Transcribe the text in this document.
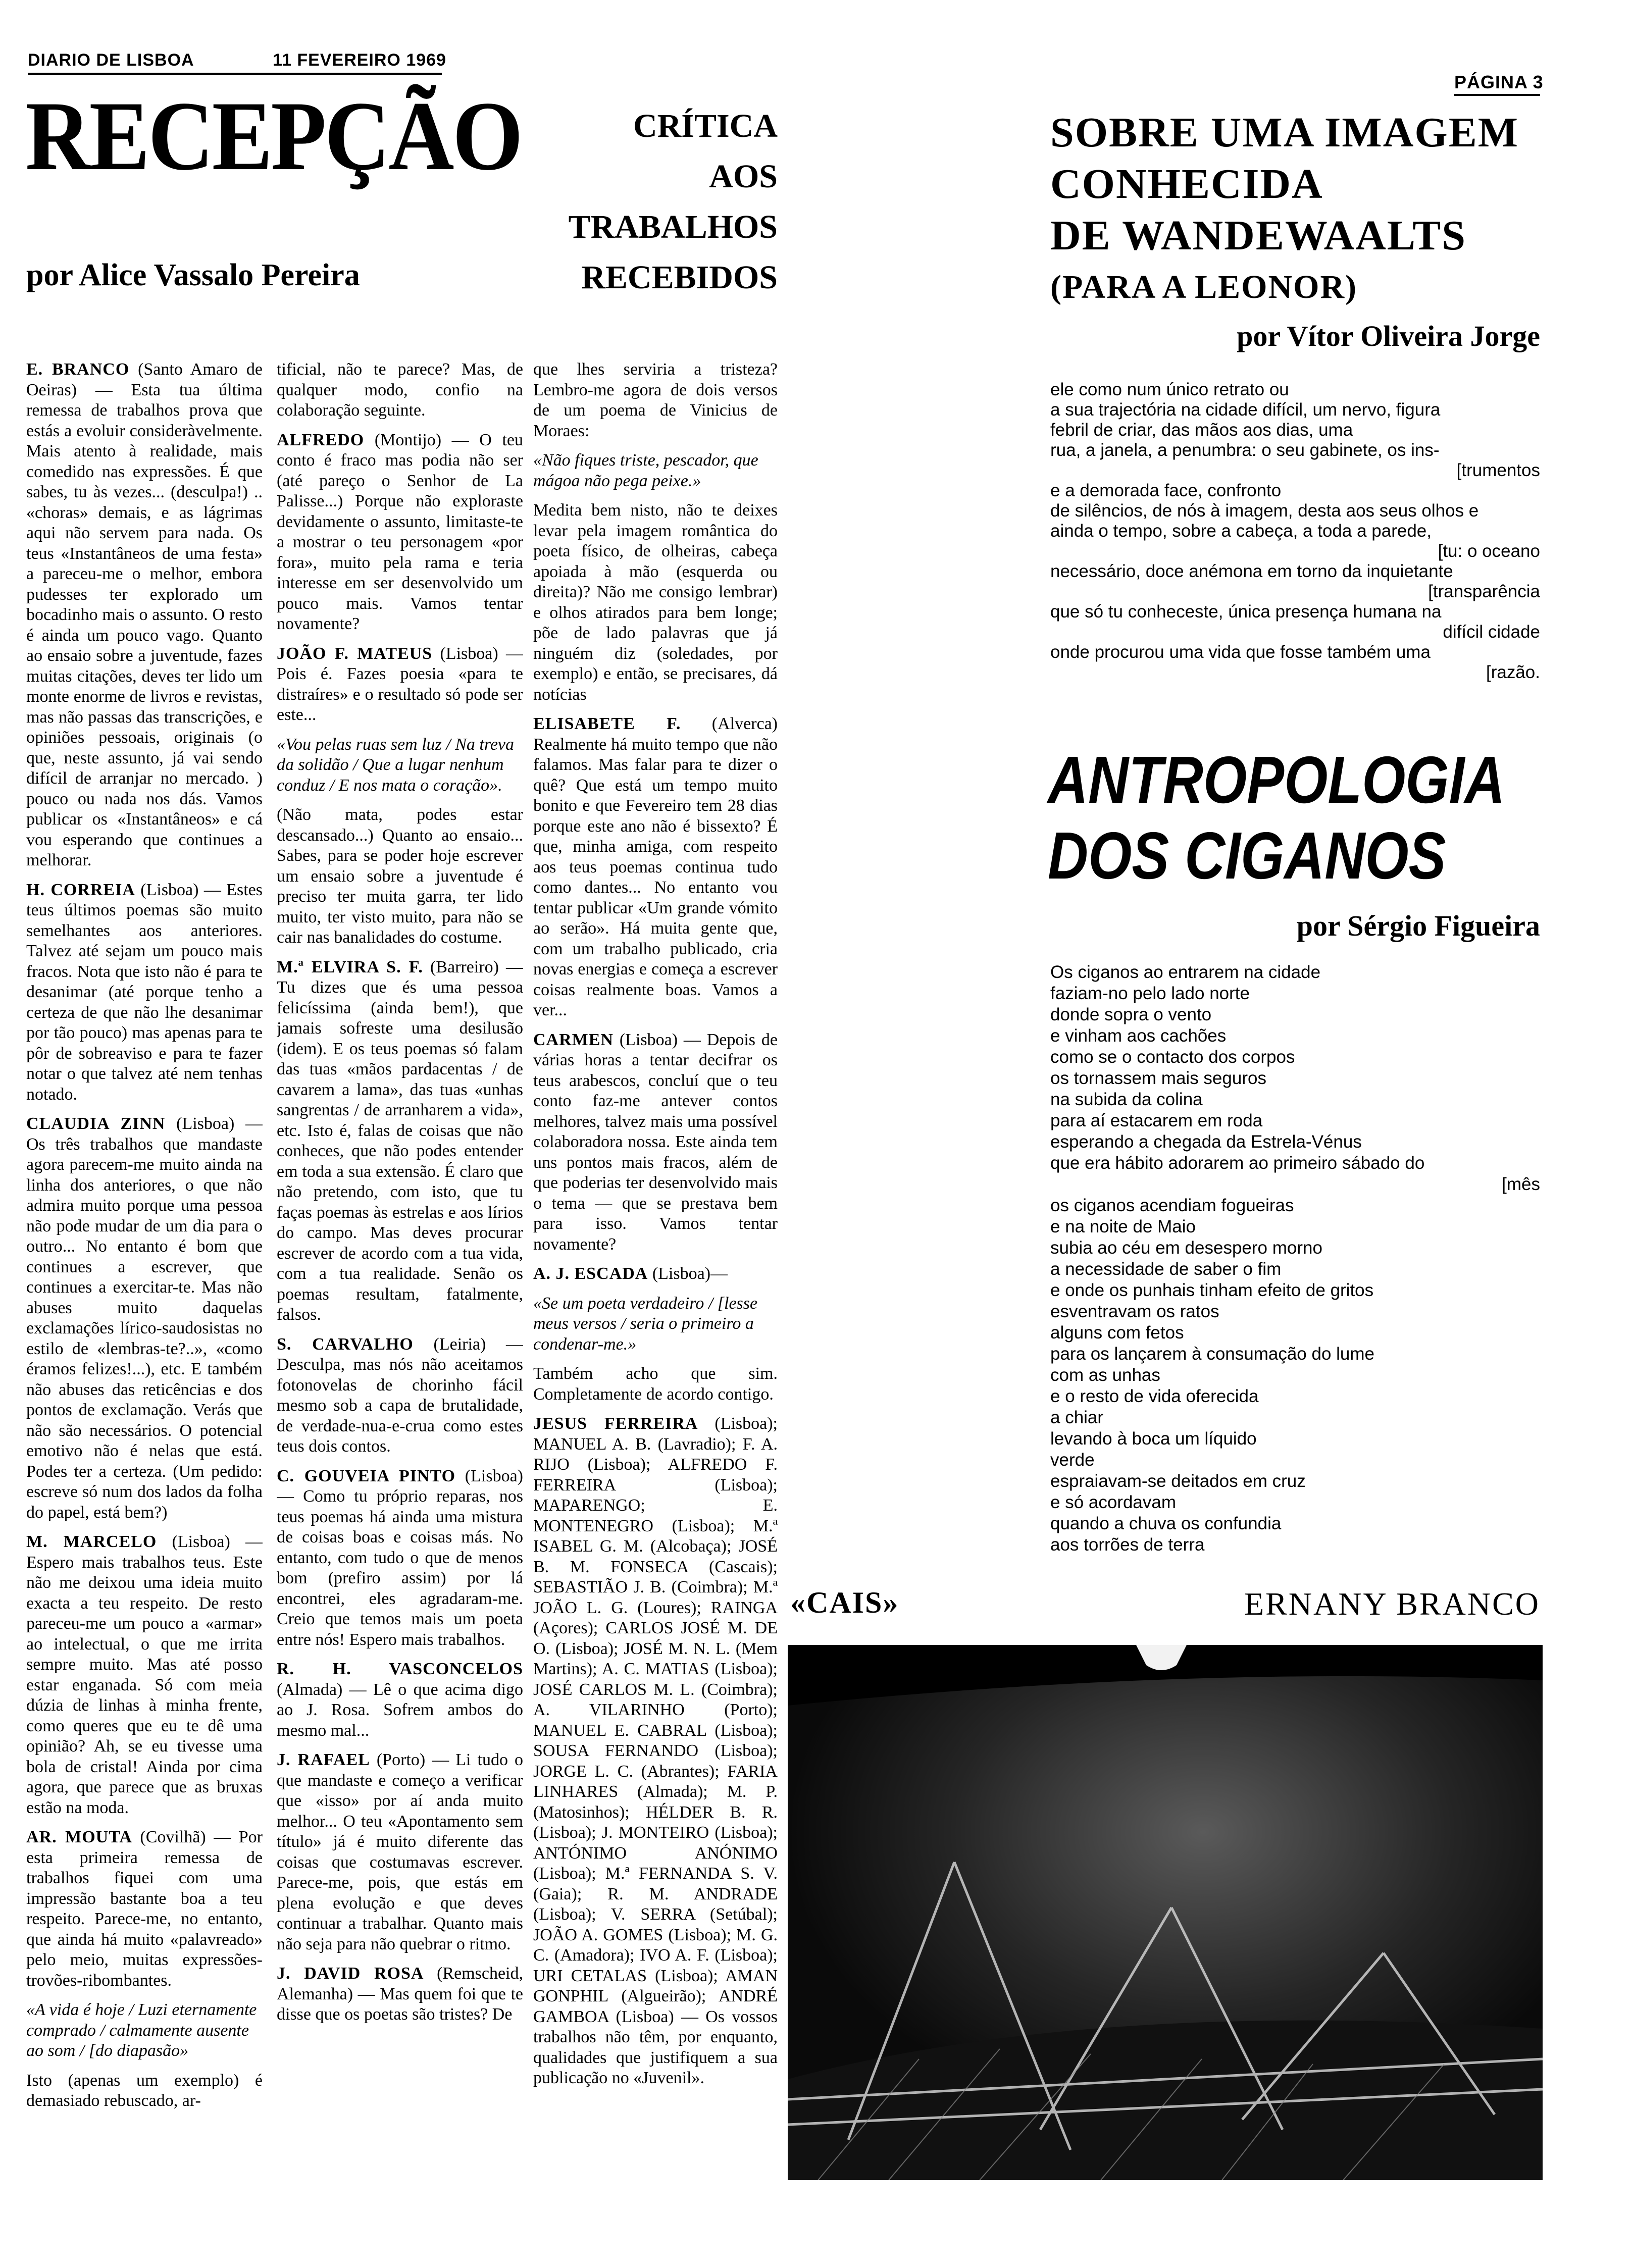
DIARIO DE LISBOA	11 FEVEREIRO 1969
PÁGINA 3
RECEPÇÃO	CRÍTICA
AOS
TRABALHOS
RECEBIDOS
por Alice Vassalo Pereira

E. BRANCO (Santo Amaro de Oeiras) — Esta tua última remessa de trabalhos prova que estás a evoluir consideràvelmente. Mais atento à realidade, mais comedido nas expressões. É que sabes, tu às vezes... (desculpa!) .. «choras» demais, e as lágrimas aqui não servem para nada. Os teus «Instantâneos de uma festa» a pareceu-me o melhor, embora pudesses ter explorado um bocadinho mais o assunto. O resto é ainda um pouco vago. Quanto ao ensaio sobre a juventude, fazes muitas citações, deves ter lido um monte enorme de livros e revistas, mas não passas das transcrições, e opiniões pessoais, originais (o que, neste assunto, já vai sendo difícil de arranjar no mercado. ) pouco ou nada nos dás. Vamos publicar os «Instantâneos» e cá vou esperando que continues a melhorar.

H. CORREIA (Lisboa) — Estes teus últimos poemas são muito semelhantes aos anteriores. Talvez até sejam um pouco mais fracos. Nota que isto não é para te desanimar (até porque tenho a certeza de que não lhe desanimar por tão pouco) mas apenas para te pôr de sobreaviso e para te fazer notar o que talvez até nem tenhas notado.

CLAUDIA ZINN (Lisboa) — Os três trabalhos que mandaste agora parecem-me muito ainda na linha dos anteriores, o que não admira muito porque uma pessoa não pode mudar de um dia para o outro... No entanto é bom que continues a escrever, que continues a exercitar-te. Mas não abuses muito daquelas exclamações lírico-saudosistas no estilo de «lembras-te?..», «como éramos felizes!...), etc. E também não abuses das reticências e dos pontos de exclamação. Verás que não são necessários. O potencial emotivo não é nelas que está. Podes ter a certeza. (Um pedido: escreve só num dos lados da folha do papel, está bem?)

M. MARCELO (Lisboa) — Espero mais trabalhos teus. Este não me deixou uma ideia muito exacta a teu respeito. De resto pareceu-me um pouco a «armar» ao intelectual, o que me irrita sempre muito. Mas até posso estar enganada. Só com meia dúzia de linhas à minha frente, como queres que eu te dê uma opinião? Ah, se eu tivesse uma bola de cristal! Ainda por cima agora, que parece que as bruxas estão na moda.

AR. MOUTA (Covilhã) — Por esta primeira remessa de trabalhos fiquei com uma impressão bastante boa a teu respeito. Parece-me, no entanto, que ainda há muito «palavreado» pelo meio, muitas expressões-trovões-ribombantes.

«A vida é hoje / Luzi eternamente comprado / calmamente ausente ao som / [do diapasão»

Isto (apenas um exemplo) é demasiado rebuscado, ar-

tificial, não te parece? Mas, de qualquer modo, confio na colaboração seguinte.

ALFREDO (Montijo) — O teu conto é fraco mas podia não ser (até pareço o Senhor de La Palisse...) Porque não exploraste devidamente o assunto, limitaste-te a mostrar o teu personagem «por fora», muito pela rama e teria interesse em ser desenvolvido um pouco mais. Vamos tentar novamente?

JOÃO F. MATEUS (Lisboa) — Pois é. Fazes poesia «para te distraíres» e o resultado só pode ser este...

«Vou pelas ruas sem luz / Na treva da solidão / Que a lugar nenhum conduz / E nos mata o coração».

(Não mata, podes estar descansado...) Quanto ao ensaio... Sabes, para se poder hoje escrever um ensaio sobre a juventude é preciso ter muita garra, ter lido muito, ter visto muito, para não se cair nas banalidades do costume.

M.ª ELVIRA S. F. (Barreiro) — Tu dizes que és uma pessoa felicíssima (ainda bem!), que jamais sofreste uma desilusão (idem). E os teus poemas só falam das tuas «mãos pardacentas / de cavarem a lama», das tuas «unhas sangrentas / de arranharem a vida», etc. Isto é, falas de coisas que não conheces, que não podes entender em toda a sua extensão. É claro que não pretendo, com isto, que tu faças poemas às estrelas e aos lírios do campo. Mas deves procurar escrever de acordo com a tua vida, com a tua realidade. Senão os poemas resultam, fatalmente, falsos.

S. CARVALHO (Leiria) — Desculpa, mas nós não aceitamos fotonovelas de chorinho fácil mesmo sob a capa de brutalidade, de verdade-nua-e-crua como estes teus dois contos.

C. GOUVEIA PINTO (Lisboa) — Como tu próprio reparas, nos teus poemas há ainda uma mistura de coisas boas e coisas más. No entanto, com tudo o que de menos bom (prefiro assim) por lá encontrei, eles agradaram-me. Creio que temos mais um poeta entre nós! Espero mais trabalhos.

R. H. VASCONCELOS (Almada) — Lê o que acima digo ao J. Rosa. Sofrem ambos do mesmo mal...

J. RAFAEL (Porto) — Li tudo o que mandaste e começo a verificar que «isso» por aí anda muito melhor... O teu «Apontamento sem título» já é muito diferente das coisas que costumavas escrever. Parece-me, pois, que estás em plena evolução e que deves continuar a trabalhar. Quanto mais não seja para não quebrar o ritmo.

J. DAVID ROSA (Remscheid, Alemanha) — Mas quem foi que te disse que os poetas são tristes? De

que lhes serviria a tristeza? Lembro-me agora de dois versos de um poema de Vinicius de Moraes:

«Não fiques triste, pescador, que mágoa não pega peixe.»

Medita bem nisto, não te deixes levar pela imagem romântica do poeta físico, de olheiras, cabeça apoiada à mão (esquerda ou direita)? Não me consigo lembrar) e olhos atirados para bem longe; põe de lado palavras que já ninguém diz (soledades, por exemplo) e então, se precisares, dá notícias

ELISABETE F. (Alverca) Realmente há muito tempo que não falamos. Mas falar para te dizer o quê? Que está um tempo muito bonito e que Fevereiro tem 28 dias porque este ano não é bissexto? É que, minha amiga, com respeito aos teus poemas continua tudo como dantes... No entanto vou tentar publicar «Um grande vómito ao serão». Há muita gente que, com um trabalho publicado, cria novas energias e começa a escrever coisas realmente boas. Vamos a ver...

CARMEN (Lisboa) — Depois de várias horas a tentar decifrar os teus arabescos, concluí que o teu conto faz-me antever contos melhores, talvez mais uma possível colaboradora nossa. Este ainda tem uns pontos mais fracos, além de que poderias ter desenvolvido mais o tema — que se prestava bem para isso. Vamos tentar novamente?

A. J. ESCADA (Lisboa)—

«Se um poeta verdadeiro / [lesse meus versos / seria o primeiro a condenar-me.»

Também acho que sim. Completamente de acordo contigo.

JESUS FERREIRA (Lisboa); MANUEL A. B. (Lavradio); F. A. RIJO (Lisboa); ALFREDO F. FERREIRA (Lisboa); MAPARENGO; E. MONTENEGRO (Lisboa); M.ª ISABEL G. M. (Alcobaça); JOSÉ B. M. FONSECA (Cascais); SEBASTIÃO J. B. (Coimbra); M.ª JOÃO L. G. (Loures); RAINGA (Açores); CARLOS JOSÉ M. DE O. (Lisboa); JOSÉ M. N. L. (Mem Martins); A. C. MATIAS (Lisboa); JOSÉ CARLOS M. L. (Coimbra); A. VILARINHO (Porto); MANUEL E. CABRAL (Lisboa); SOUSA FERNANDO (Lisboa); JORGE L. C. (Abrantes); FARIA LINHARES (Almada); M. P. (Matosinhos); HÉLDER B. R. (Lisboa); J. MONTEIRO (Lisboa); ANTÓNIMO ANÓNIMO (Lisboa); M.ª FERNANDA S. V. (Gaia); R. M. ANDRADE (Lisboa); V. SERRA (Setúbal); JOÃO A. GOMES (Lisboa); M. G. C. (Amadora); IVO A. F. (Lisboa); URI CETALAS (Lisboa); AMAN GONPHIL (Algueirão); ANDRÉ GAMBOA (Lisboa) — Os vossos trabalhos não têm, por enquanto, qualidades que justifiquem a sua publicação no «Juvenil».

SOBRE UMA IMAGEM
CONHECIDA
DE WANDEWAALTS
(PARA A LEONOR)
por Vítor Oliveira Jorge
ele como num único retrato ou
a sua trajectória na cidade difícil, um nervo, figura
febril de criar, das mãos aos dias, uma
rua, a janela, a penumbra: o seu gabinete, os ins-
[trumentos
e a demorada face, confronto
de silêncios, de nós à imagem, desta aos seus olhos e
ainda o tempo, sobre a cabeça, a toda a parede,
[tu: o oceano
necessário, doce anémona em torno da inquietante
[transparência
que só tu conheceste, única presença humana na
difícil cidade
onde procurou uma vida que fosse também uma
[razão.
ANTROPOLOGIA
DOS CIGANOS
por Sérgio Figueira
Os ciganos ao entrarem na cidade
faziam-no pelo lado norte
donde sopra o vento
e vinham aos cachões
como se o contacto dos corpos
os tornassem mais seguros
na subida da colina
para aí estacarem em roda
esperando a chegada da Estrela-Vénus
que era hábito adorarem ao primeiro sábado do
[mês
os ciganos acendiam fogueiras
e na noite de Maio
subia ao céu em desespero morno
a necessidade de saber o fim
e onde os punhais tinham efeito de gritos
esventravam os ratos
alguns com fetos
para os lançarem à consumação do lume
com as unhas
e o resto de vida oferecida
a chiar
levando à boca um líquido
verde
espraiavam-se deitados em cruz
e só acordavam
quando a chuva os confundia
aos torrões de terra
«CAIS»	ERNANY BRANCO
